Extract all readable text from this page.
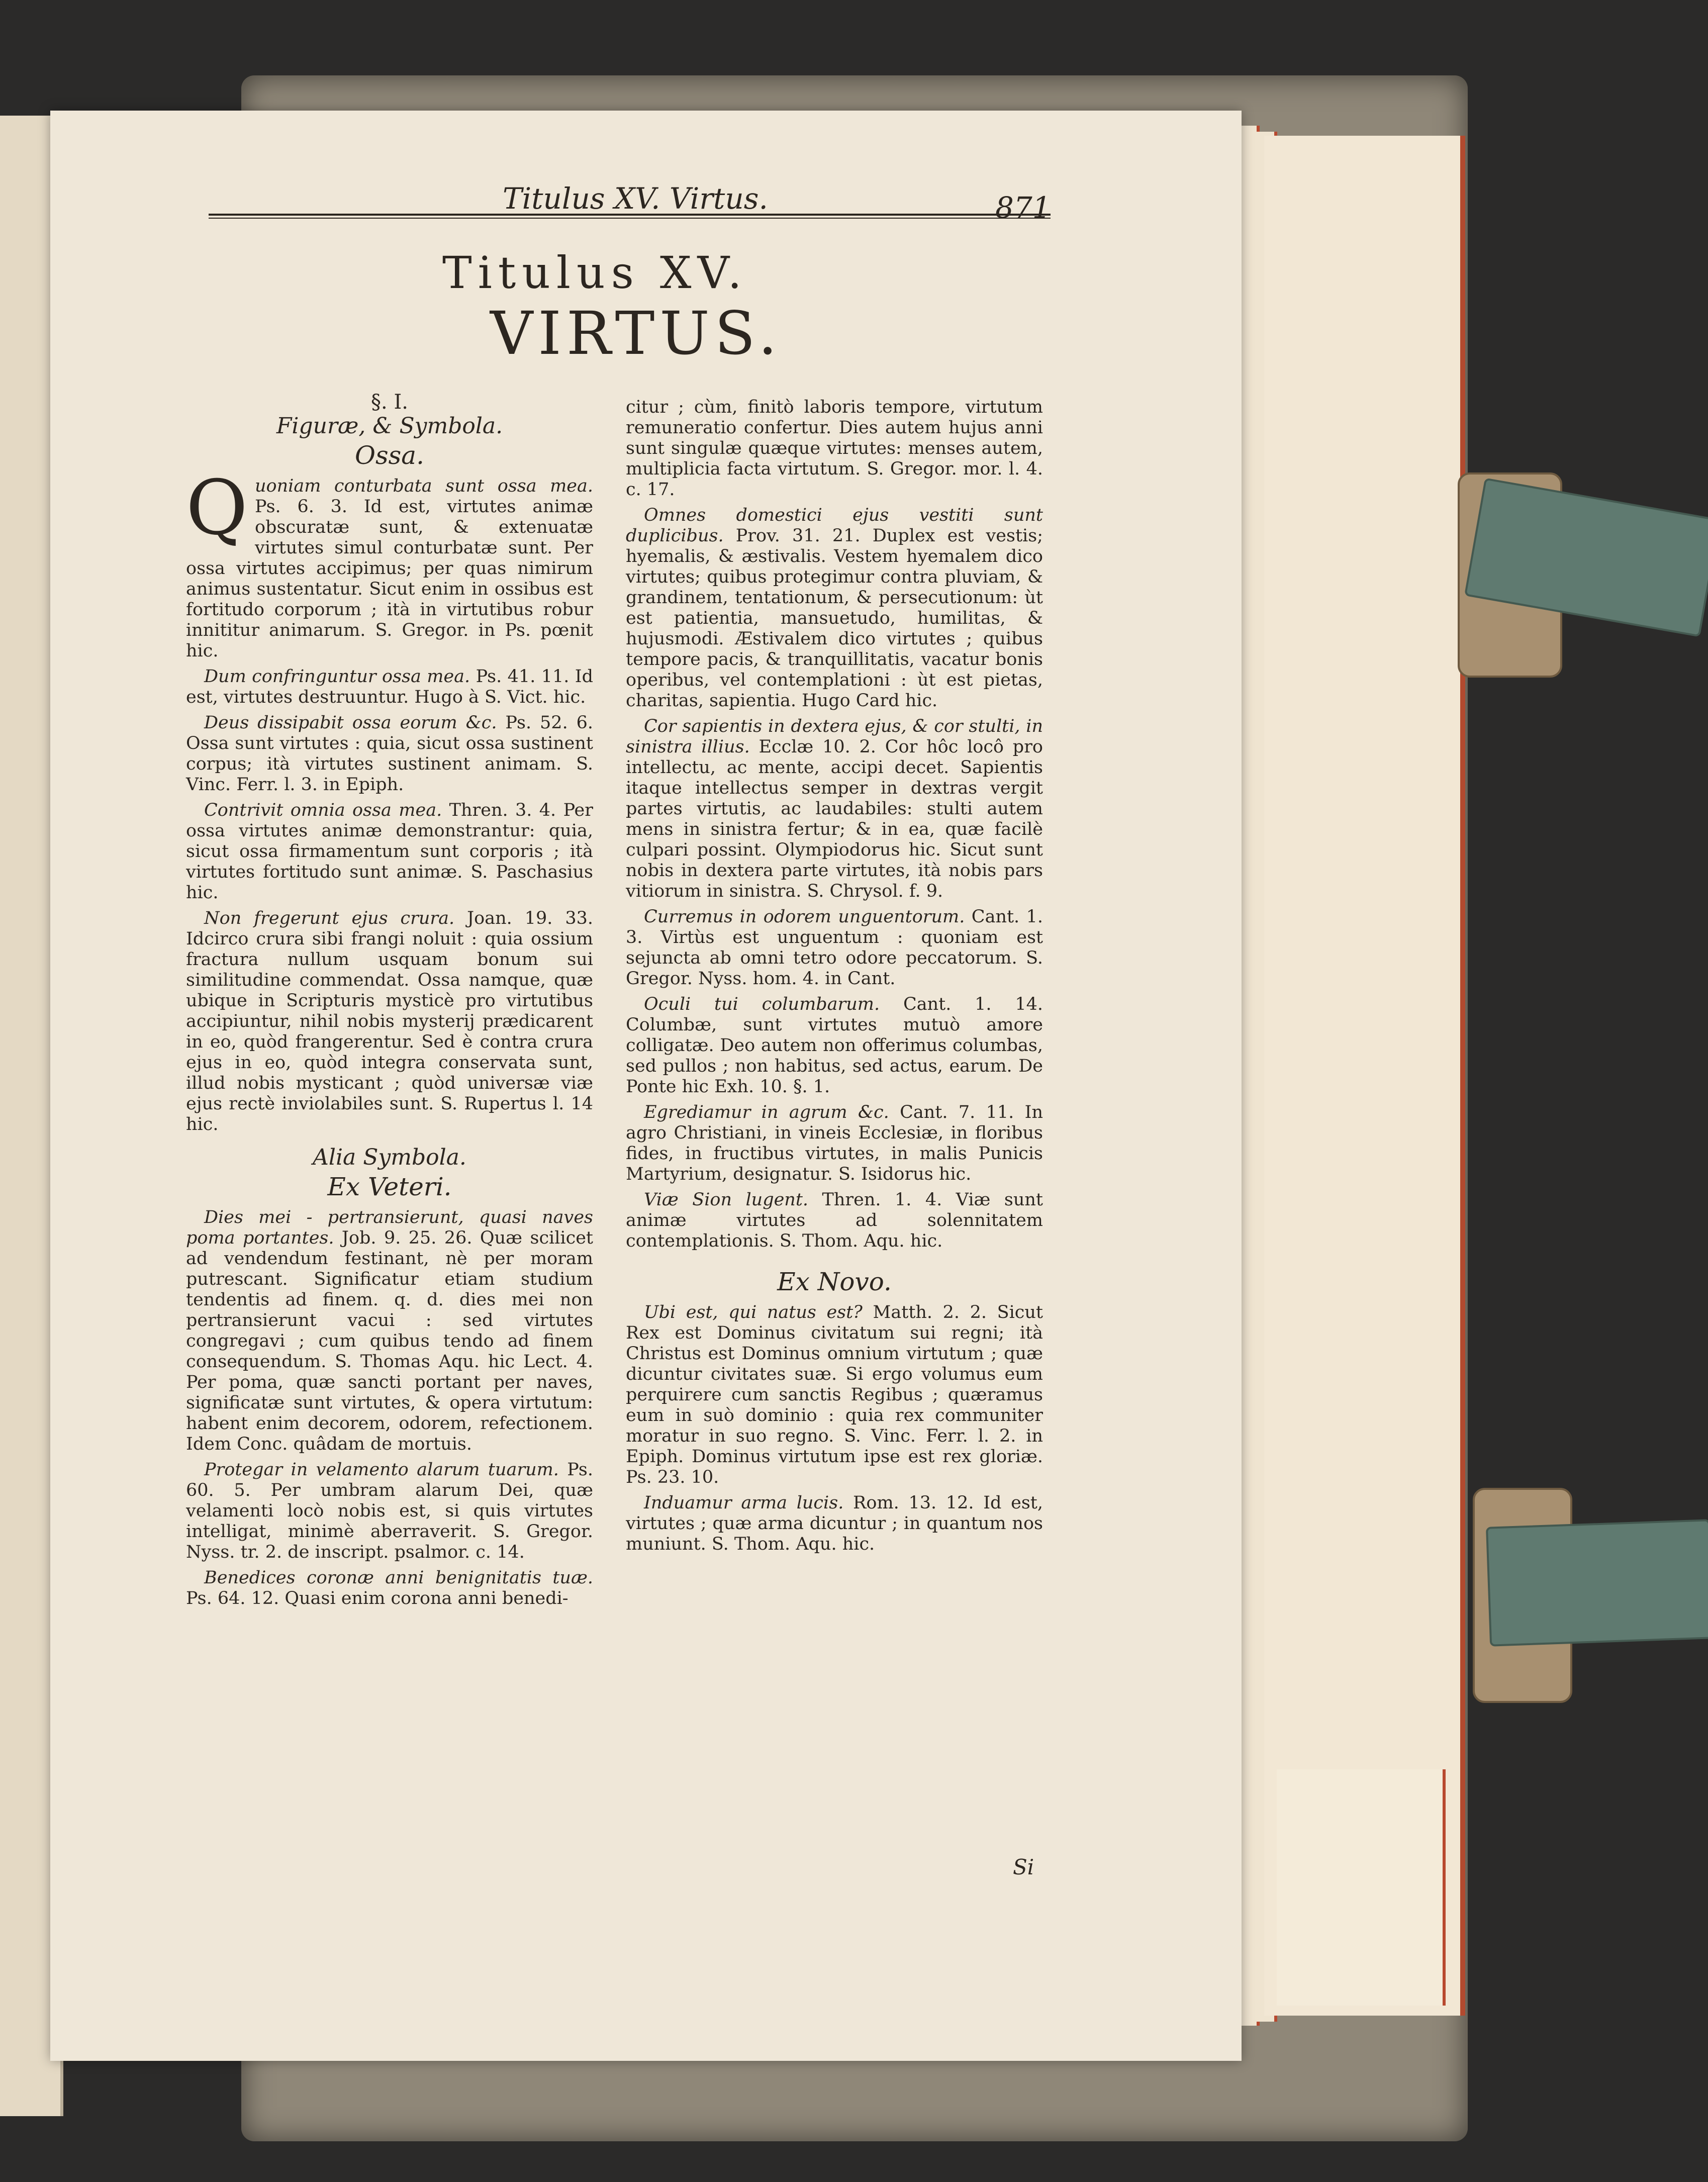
Titulus XV. Virtus.	871
Titulus XV.
VIRTUS.
§. I.
Figuræ, & Symbola.
Ossa.

Quoniam conturbata sunt ossa mea. Ps. 6. 3. Id est, virtutes animæ obscuratæ sunt, & extenuatæ virtutes simul conturbatæ sunt. Per ossa virtutes accipimus; per quas nimirum animus sustentatur. Sicut enim in ossibus est fortitudo corporum ; ità in virtutibus robur innititur animarum. S. Gregor. in Ps. pœnit hic.

Dum confringuntur ossa mea. Ps. 41. 11. Id est, virtutes destruuntur. Hugo à S. Vict. hic.

Deus dissipabit ossa eorum &c. Ps. 52. 6. Ossa sunt virtutes : quia, sicut ossa sustinent corpus; ità virtutes sustinent animam. S. Vinc. Ferr. l. 3. in Epiph.

Contrivit omnia ossa mea. Thren. 3. 4. Per ossa virtutes animæ demonstrantur: quia, sicut ossa firmamentum sunt corporis ; ità virtutes fortitudo sunt animæ. S. Paschasius hic.

Non fregerunt ejus crura. Joan. 19. 33. Idcirco crura sibi frangi noluit : quia ossium fractura nullum usquam bonum sui similitudine commendat. Ossa namque, quæ ubique in Scripturis mysticè pro virtutibus accipiuntur, nihil nobis mysterij prædicarent in eo, quòd frangerentur. Sed è contra crura ejus in eo, quòd integra conservata sunt, illud nobis mysticant ; quòd universæ viæ ejus rectè inviolabiles sunt. S. Rupertus l. 14 hic.

Alia Symbola.
Ex Veteri.

Dies mei - pertransierunt, quasi naves poma portantes. Job. 9. 25. 26. Quæ scilicet ad vendendum festinant, nè per moram putrescant. Significatur etiam studium tendentis ad finem. q. d. dies mei non pertransierunt vacui : sed virtutes congregavi ; cum quibus tendo ad finem consequendum. S. Thomas Aqu. hic Lect. 4. Per poma, quæ sancti portant per naves, significatæ sunt virtutes, & opera virtutum: habent enim decorem, odorem, refectionem. Idem Conc. quâdam de mortuis.

Protegar in velamento alarum tuarum. Ps. 60. 5. Per umbram alarum Dei, quæ velamenti locò nobis est, si quis virtutes intelligat, minimè aberraverit. S. Gregor. Nyss. tr. 2. de inscript. psalmor. c. 14.

Benedices coronæ anni benignitatis tuæ. Ps. 64. 12. Quasi enim corona anni benedi-

citur ; cùm, finitò laboris tempore, virtutum remuneratio confertur. Dies autem hujus anni sunt singulæ quæque virtutes: menses autem, multiplicia facta virtutum. S. Gregor. mor. l. 4. c. 17.

Omnes domestici ejus vestiti sunt duplicibus. Prov. 31. 21. Duplex est vestis; hyemalis, & æstivalis. Vestem hyemalem dico virtutes; quibus protegimur contra pluviam, & grandinem, tentationum, & persecutionum: ùt est patientia, mansuetudo, humilitas, & hujusmodi. Æstivalem dico virtutes ; quibus tempore pacis, & tranquillitatis, vacatur bonis operibus, vel contemplationi : ùt est pietas, charitas, sapientia. Hugo Card hic.

Cor sapientis in dextera ejus, & cor stulti, in sinistra illius. Ecclæ 10. 2. Cor hôc locô pro intellectu, ac mente, accipi decet. Sapientis itaque intellectus semper in dextras vergit partes virtutis, ac laudabiles: stulti autem mens in sinistra fertur; & in ea, quæ facilè culpari possint. Olympiodorus hic. Sicut sunt nobis in dextera parte virtutes, ità nobis pars vitiorum in sinistra. S. Chrysol. f. 9.

Curremus in odorem unguentorum. Cant. 1. 3. Virtùs est unguentum : quoniam est sejuncta ab omni tetro odore peccatorum. S. Gregor. Nyss. hom. 4. in Cant.

Oculi tui columbarum. Cant. 1. 14. Columbæ, sunt virtutes mutuò amore colligatæ. Deo autem non offerimus columbas, sed pullos ; non habitus, sed actus, earum. De Ponte hic Exh. 10. §. 1.

Egrediamur in agrum &c. Cant. 7. 11. In agro Christiani, in vineis Ecclesiæ, in floribus fides, in fructibus virtutes, in malis Punicis Martyrium, designatur. S. Isidorus hic.

Viæ Sion lugent. Thren. 1. 4. Viæ sunt animæ virtutes ad solennitatem contemplationis. S. Thom. Aqu. hic.

Ex Novo.

Ubi est, qui natus est? Matth. 2. 2. Sicut Rex est Dominus civitatum sui regni; ità Christus est Dominus omnium virtutum ; quæ dicuntur civitates suæ. Si ergo volumus eum perquirere cum sanctis Regibus ; quæramus eum in suò dominio : quia rex communiter moratur in suo regno. S. Vinc. Ferr. l. 2. in Epiph. Dominus virtutum ipse est rex gloriæ. Ps. 23. 10.

Induamur arma lucis. Rom. 13. 12. Id est, virtutes ; quæ arma dicuntur ; in quantum nos muniunt. S. Thom. Aqu. hic.

Si
